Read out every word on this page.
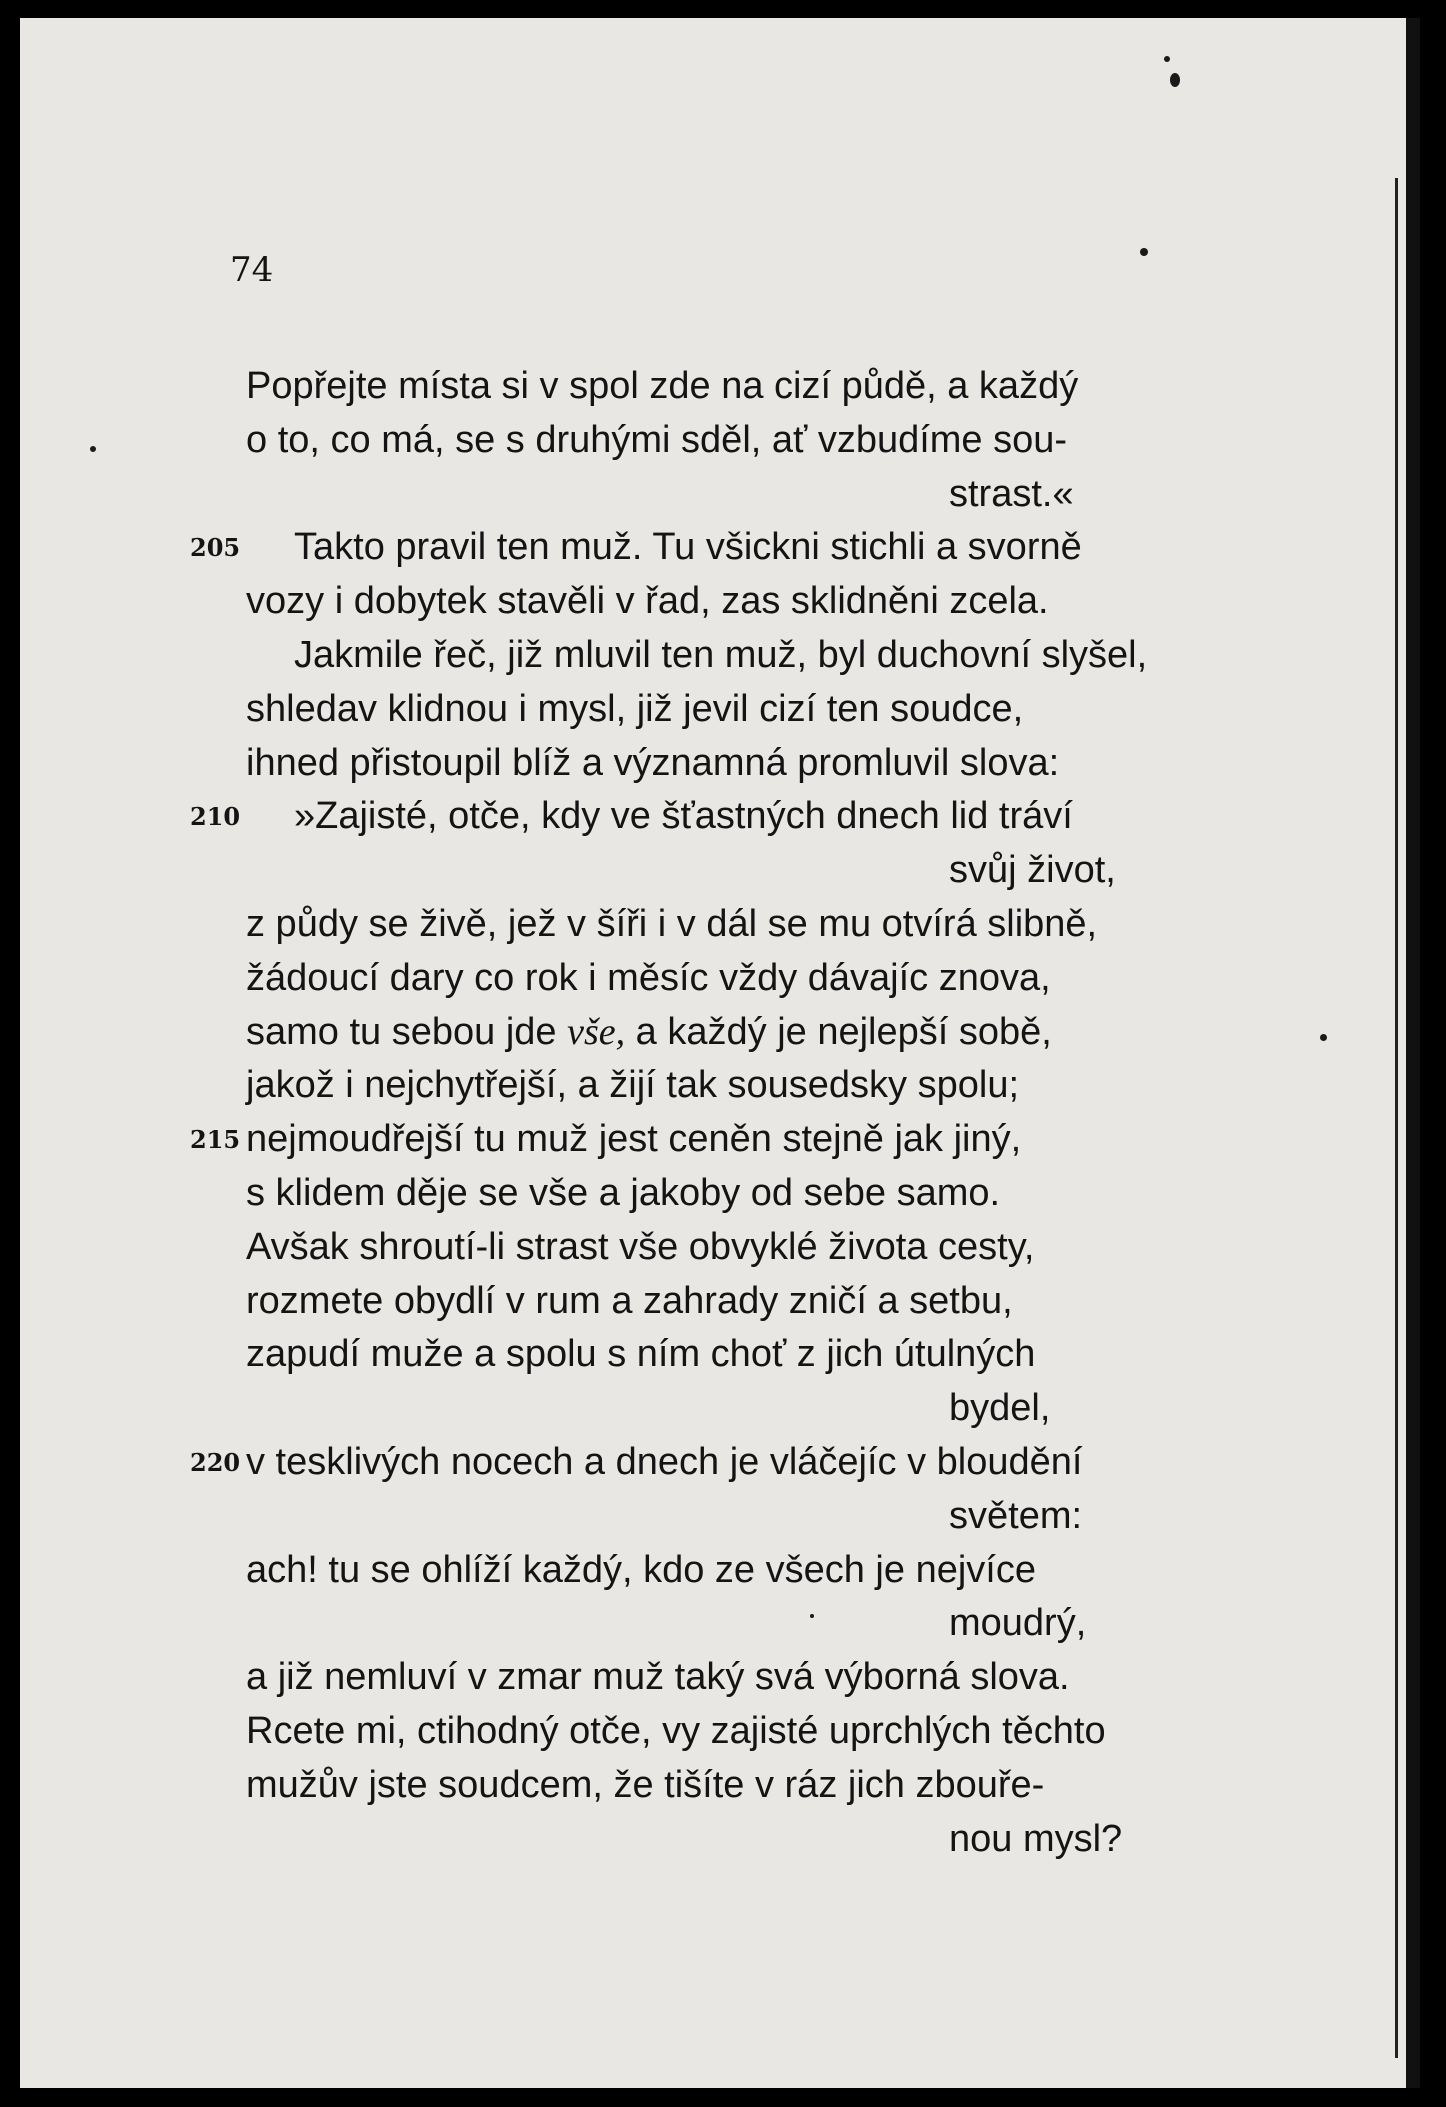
74
Popřejte místa si v spol zde na cizí půdě, a každý
o to, co má, se s druhými sděl, ať vzbudíme sou-
strast.«
205 Takto pravil ten muž. Tu všickni stichli a svorně
vozy i dobytek stavěli v řad, zas sklidněni zcela.
Jakmile řeč, již mluvil ten muž, byl duchovní slyšel,
shledav klidnou i mysl, již jevil cizí ten soudce,
ihned přistoupil blíž a významná promluvil slova:
210 »Zajisté, otče, kdy ve šťastných dnech lid tráví
svůj život,
z půdy se živě, jež v šíři i v dál se mu otvírá slibně,
žádoucí dary co rok i měsíc vždy dávajíc znova,
samo tu sebou jde vše, a každý je nejlepší sobě,
jakož i nejchytřejší, a žijí tak sousedsky spolu;
215 nejmoudřejší tu muž jest ceněn stejně jak jiný,
s klidem děje se vše a jakoby od sebe samo.
Avšak shroutí-li strast vše obvyklé života cesty,
rozmete obydlí v rum a zahrady zničí a setbu,
zapudí muže a spolu s ním choť z jich útulných
bydel,
220 v tesklivých nocech a dnech je vláčejíc v bloudění
světem:
ach! tu se ohlíží každý, kdo ze všech je nejvíce
moudrý,
a již nemluví v zmar muž taký svá výborná slova.
Rcete mi, ctihodný otče, vy zajisté uprchlých těchto
mužův jste soudcem, že tišíte v ráz jich zbouře-
nou mysl?
